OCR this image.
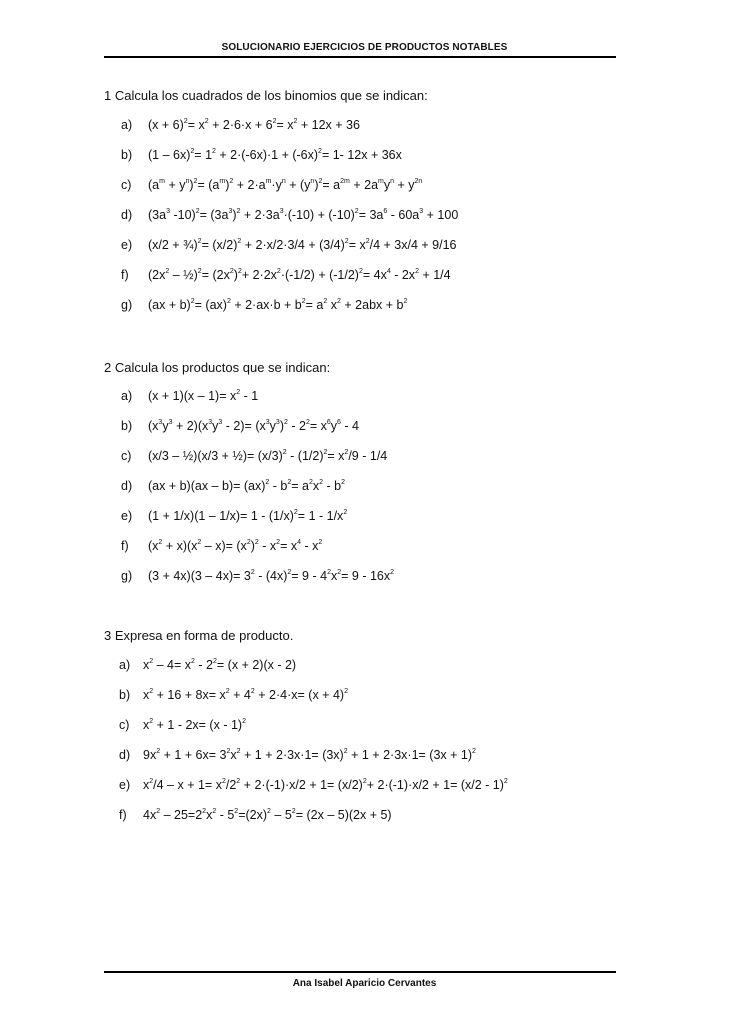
SOLUCIONARIO EJERCICIOS DE PRODUCTOS NOTABLES
1 Calcula los cuadrados de los binomios que se indican:
a) $(x + 6)^2= x^2 + 2\cdot 6\cdot x + 6^2= x^2 + 12x + 36$
b) $(1 - 6x)^2= 1^2 + 2\cdot(-6x)\cdot 1 + (-6x)^2= 1-$ 12x + 36x
c) $(a^m + y^n)^2= (a^m)^2 + 2\cdot a^m\cdot y^n + (y^n)^2= a^{2m} + 2a^my^n + y^{2n}$
d) ($3a^3$ $-10)^2= (3a^3)^2 + 2\cdot 3a^3\cdot(-10) + (-10)^2= 3a^6 - 60a^3 + 100$
e) (x/2 + ¾)$^2$= $(x/2)^2 + 2\cdot x/2\cdot 3/4 + (3/4)^2= x^2/4 + 3x/4 + 9/16$
f) ($2x^2$ – ½)$^2$= $(2x^2)^2+ 2\cdot 2x^2\cdot(-1/2) + (-1/2)^2= 4x^4 - 2x^2 + 1/4$
g) $(ax + b)^2= (ax)^2 + 2\cdot ax\cdot b + b^2= a^2$ $x^2 + 2abx + b^2$
2 Calcula los productos que se indican:
a) $(x + 1)(x - 1)= x^2 - 1$
b) $(x^3y^3 + 2)(x^3y^3 - 2)= (x^3y^3)^2 - 2^2= x^6y^6 - 4$
c) (x/3 – ½)(x/3 + ½)= $(x/3)^2 - (1/2)^2= x^2/9 - 1/4$
d) $(ax + b)(ax - b)= (ax)^2 - b^2= a^2x^2 - b^2$
e) $(1 + 1/x)(1 - 1/x)= 1 - (1/x)^2= 1 - 1/x^2$
f) $(x^2 + x)(x^2 - x)= (x^2)^2 - x^2= x^4 - x^2$
g) $(3 + 4x)(3 - 4x)= 3^2 - (4x)^2= 9 - 4^2x^2= 9 - 16x^2$
3 Expresa en forma de producto.
a) $x^2 - 4= x^2 - 2^2= (x + 2)(x - 2)$
b) $x^2 + 16 + 8x= x^2 + 4^2 + 2\cdot 4\cdot x= (x + 4)^2$
c) $x^2 + 1 - 2x= (x - 1)^2$
d) $9x^2 + 1 + 6x= 3^2x^2 + 1 + 2\cdot 3x\cdot 1= (3x)^2 + 1 + 2\cdot 3x\cdot 1= (3x + 1)^2$
e) $x^2/4 - x + 1= x^2/2^2 + 2\cdot(-1)\cdot x/2 + 1= (x/2)^2+ 2\cdot(-1)\cdot x/2 + 1= (x/2 - 1)^2$
f) $4x^2 - 25=2^2x^2 - 5^2=(2x)^2 - 5^2= (2x - 5)(2x + 5)$
Ana Isabel Aparicio Cervantes
